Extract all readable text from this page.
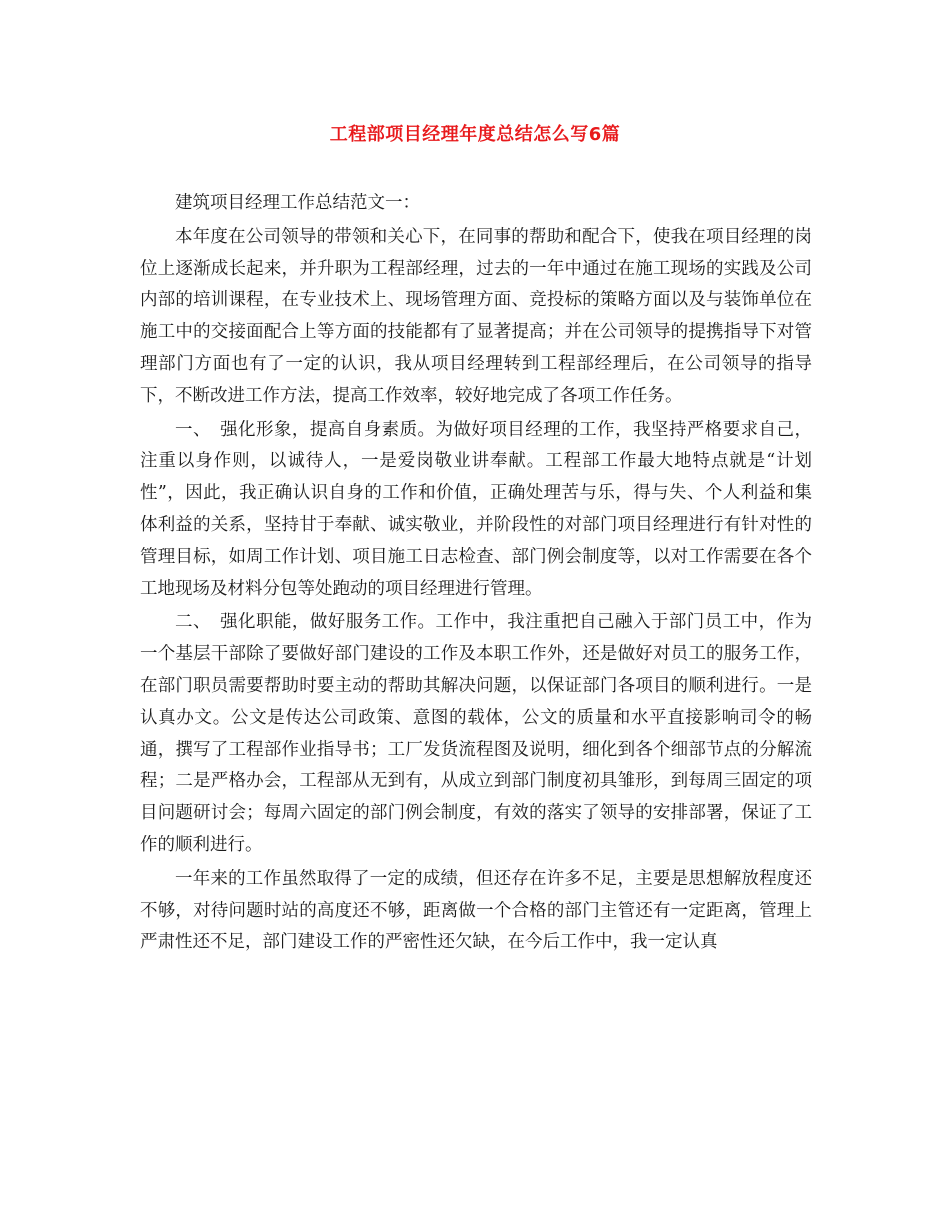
工程部项目经理年度总结怎么写6篇

建筑项目经理工作总结范文一：

本年度在公司领导的带领和关心下，在同事的帮助和配合下，使我在项目经理的岗位上逐渐成长起来，并升职为工程部经理，过去的一年中通过在施工现场的实践及公司内部的培训课程，在专业技术上、现场管理方面、竞投标的策略方面以及与装饰单位在施工中的交接面配合上等方面的技能都有了显著提高；并在公司领导的提携指导下对管理部门方面也有了一定的认识，我从项目经理转到工程部经理后，在公司领导的指导下，不断改进工作方法，提高工作效率，较好地完成了各项工作任务。

一、　强化形象，提高自身素质。为做好项目经理的工作，我坚持严格要求自己，注重以身作则，以诚待人，一是爱岗敬业讲奉献。工程部工作最大地特点就是“计划性”，因此，我正确认识自身的工作和价值，正确处理苦与乐，得与失、个人利益和集体利益的关系，坚持甘于奉献、诚实敬业，并阶段性的对部门项目经理进行有针对性的管理目标，如周工作计划、项目施工日志检查、部门例会制度等，以对工作需要在各个工地现场及材料分包等处跑动的项目经理进行管理。

二、　强化职能，做好服务工作。工作中，我注重把自己融入于部门员工中，作为一个基层干部除了要做好部门建设的工作及本职工作外，还是做好对员工的服务工作，在部门职员需要帮助时要主动的帮助其解决问题，以保证部门各项目的顺利进行。一是认真办文。公文是传达公司政策、意图的载体，公文的质量和水平直接影响司令的畅通，撰写了工程部作业指导书；工厂发货流程图及说明，细化到各个细部节点的分解流程；二是严格办会，工程部从无到有，从成立到部门制度初具雏形，到每周三固定的项目问题研讨会；每周六固定的部门例会制度，有效的落实了领导的安排部署，保证了工作的顺利进行。

一年来的工作虽然取得了一定的成绩，但还存在许多不足，主要是思想解放程度还不够，对待问题时站的高度还不够，距离做一个合格的部门主管还有一定距离，管理上严肃性还不足，部门建设工作的严密性还欠缺，在今后工作中，我一定认真
